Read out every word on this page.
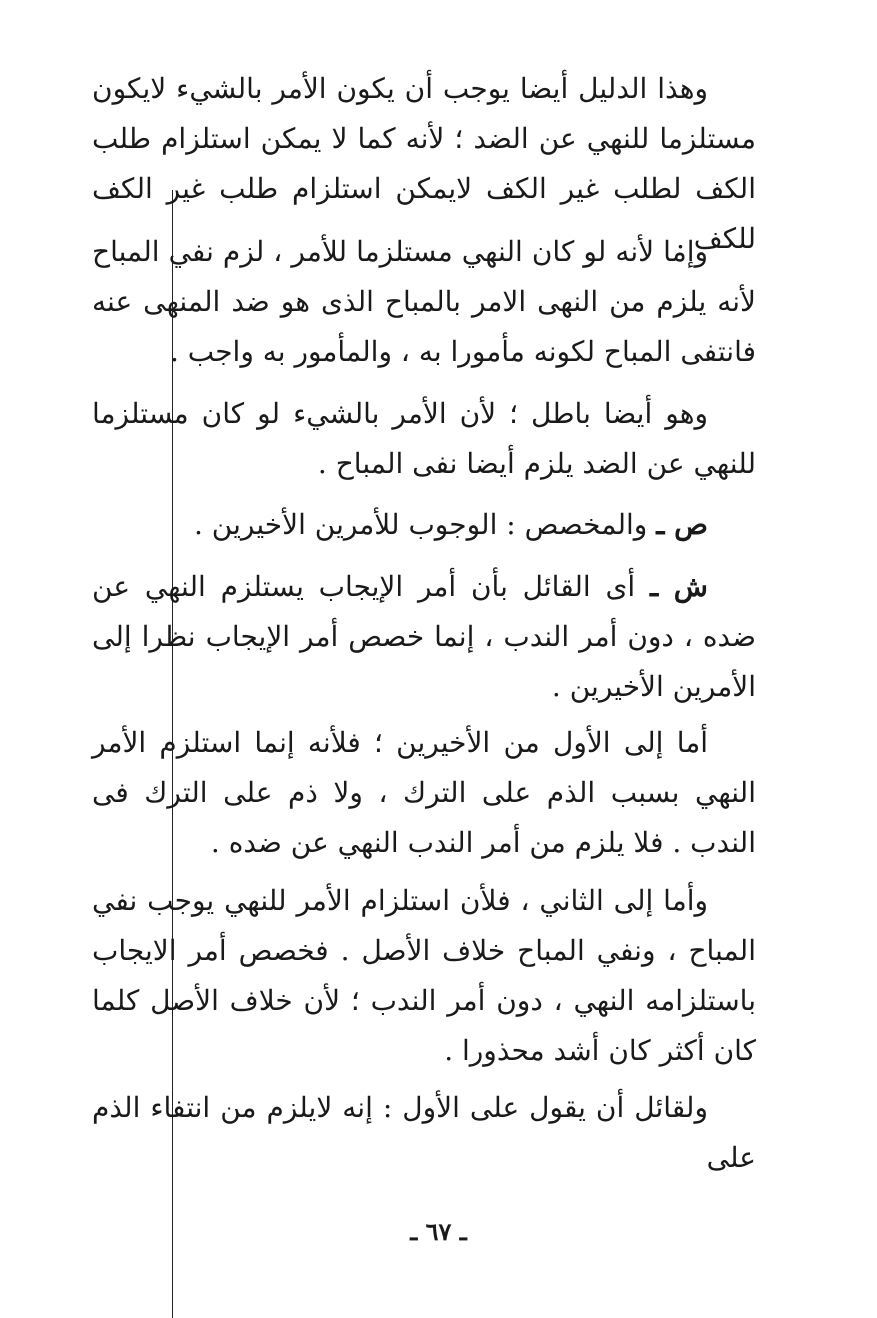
وهذا الدليل أيضا يوجب أن يكون الأمر بالشيء لايكون مستلزما للنهي عن الضد ؛ لأنه كما لا يمكن استلزام طلب الكف لطلب غير الكف لايمكن استلزام طلب غير الكف للكف .

وإما لأنه لو كان النهي مستلزما للأمر ، لزم نفي المباح لأنه يلزم من النهى الامر بالمباح الذى هو ضد المنهى عنه فانتفى المباح لكونه مأمورا به ، والمأمور به واجب .

وهو أيضا باطل ؛ لأن الأمر بالشيء لو كان مستلزما للنهي عن الضد يلزم أيضا نفى المباح .

ص ـ والمخصص : الوجوب للأمرين الأخيرين .

ش ـ أى القائل بأن أمر الإيجاب يستلزم النهي عن ضده ، دون أمر الندب ، إنما خصص أمر الإيجاب نظرا إلى الأمرين الأخيرين .

أما إلى الأول من الأخيرين ؛ فلأنه إنما استلزم الأمر النهي بسبب الذم على الترك ، ولا ذم على الترك فى الندب . فلا يلزم من أمر الندب النهي عن ضده .

وأما إلى الثاني ، فلأن استلزام الأمر للنهي يوجب نفي المباح ، ونفي المباح خلاف الأصل . فخصص أمر الايجاب باستلزامه النهي ، دون أمر الندب ؛ لأن خلاف الأصل كلما كان أكثر كان أشد محذورا .

ولقائل أن يقول على الأول : إنه لايلزم من انتفاء الذم على

ـ ٦٧ ـ
